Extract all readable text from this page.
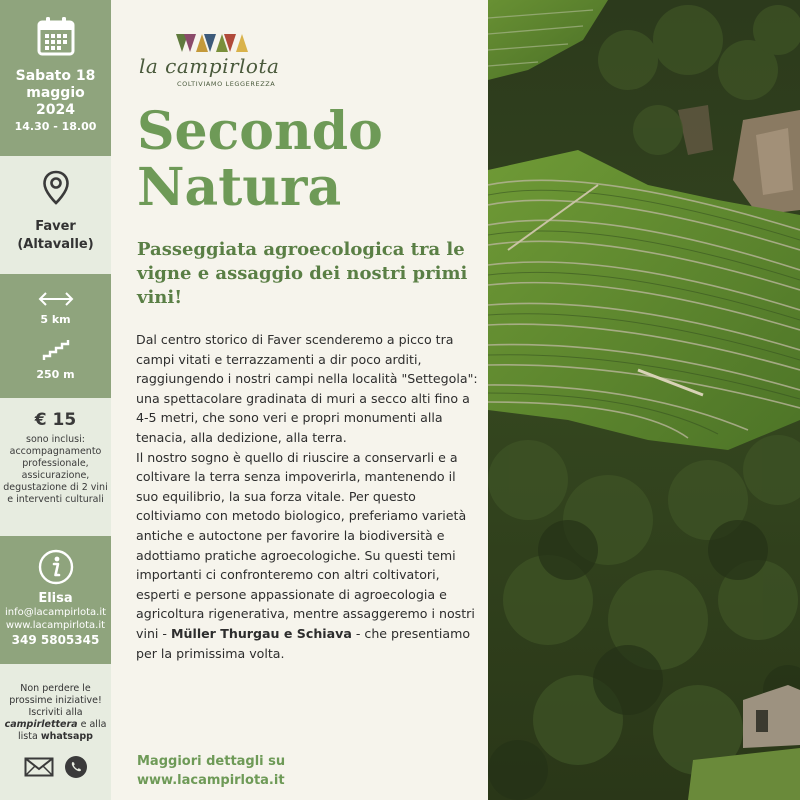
Sabato 18
maggio
2024
14.30 - 18.00
Faver
(Altavalle)
5 km
250 m
€ 15
sono inclusi: accompagnamento professionale, assicurazione, degustazione di 2 vini e interventi culturali
Elisa
info@lacampirlota.it
www.lacampirlota.it
349 5805345
Non perdere le prossime iniziative! Iscriviti alla campirlettera e alla lista whatsapp
la campirlota
COLTIVIAMO LEGGEREZZA
Secondo
Natura
Passeggiata agroecologica tra le vigne e assaggio dei nostri primi vini!
Dal centro storico di Faver scenderemo a picco tra campi vitati e terrazzamenti a dir poco arditi, raggiungendo i nostri campi nella località "Settegola": una spettacolare gradinata di muri a secco alti fino a 4-5 metri, che sono veri e propri monumenti alla tenacia, alla dedizione, alla terra.
Il nostro sogno è quello di riuscire a conservarli e a coltivare la terra senza impoverirla, mantenendo il suo equilibrio, la sua forza vitale. Per questo coltiviamo con metodo biologico, preferiamo varietà antiche e autoctone per favorire la biodiversità e adottiamo pratiche agroecologiche. Su questi temi importanti ci confronteremo con altri coltivatori, esperti e persone appassionate di agroecologia e agricoltura rigenerativa, mentre assaggeremo i nostri vini - Müller Thurgau e Schiava - che presentiamo per la primissima volta.
Maggiori dettagli su
www.lacampirlota.it
